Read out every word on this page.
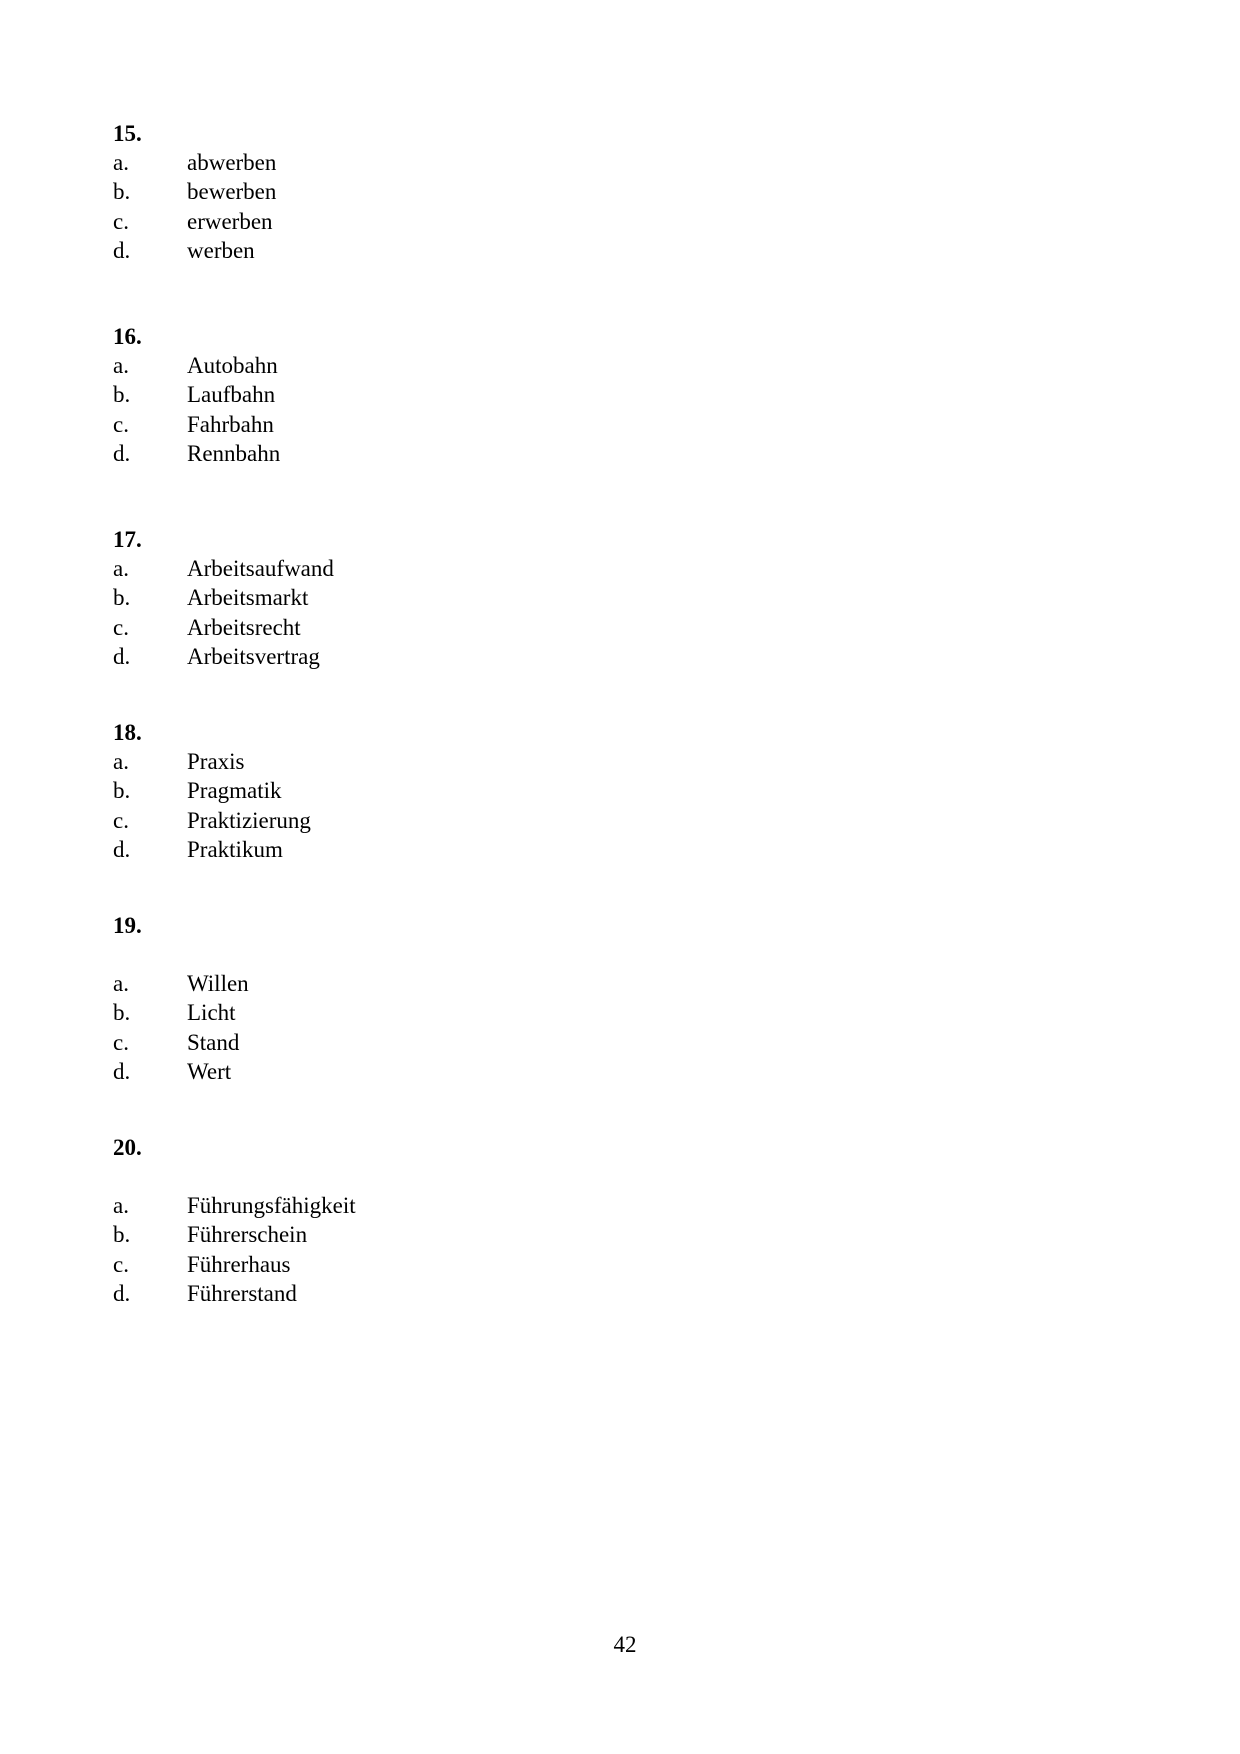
15.
a.	abwerben
b. bewerben
c.	erwerben
d. werben
16.
a.	Autobahn
b. Laufbahn
c.	Fahrbahn
d. Rennbahn
17.
a.	Arbeitsaufwand
b. Arbeitsmarkt
c.	Arbeitsrecht
d. Arbeitsvertrag
18.
a.	Praxis
b. Pragmatik
c.	Praktizierung
d. Praktikum
19.
a.	Willen
b. Licht
c.	Stand
d. Wert
20.
a.	Führungsfähigkeit
b. Führerschein
c.	Führerhaus
d. Führerstand
42
